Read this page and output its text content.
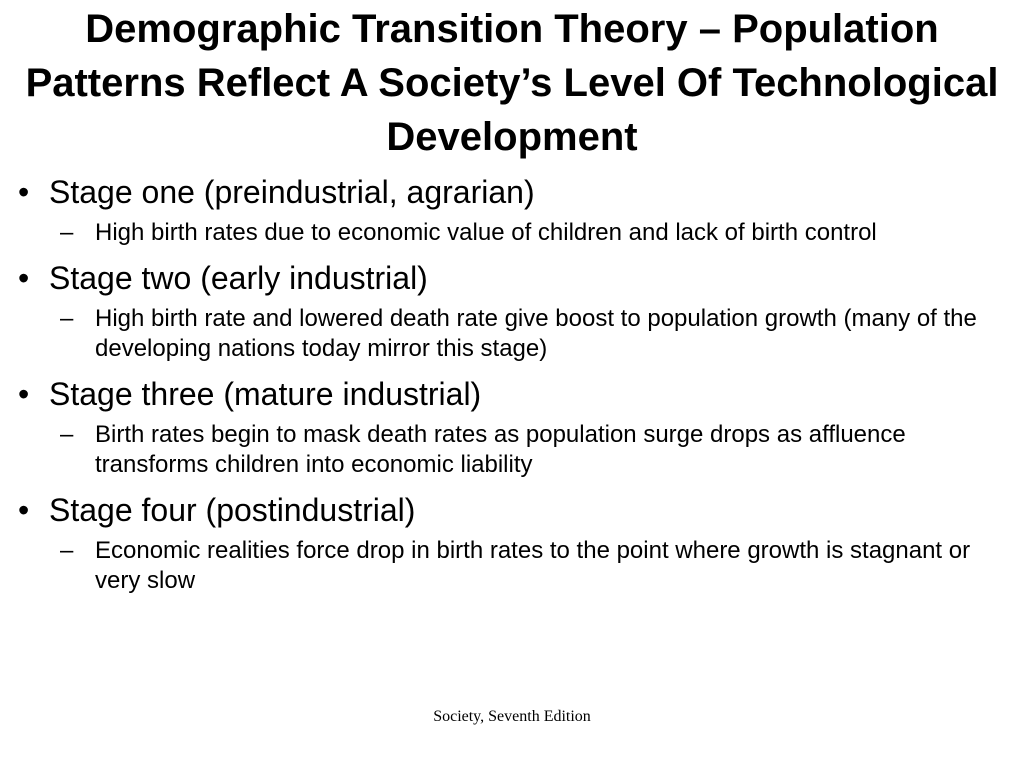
Demographic Transition Theory – Population Patterns Reflect A Society’s Level Of Technological Development
• Stage one (preindustrial, agrarian)
– High birth rates due to economic value of children and lack of birth control
• Stage two (early industrial)
– High birth rate and lowered death rate give boost to population growth (many of the developing nations today mirror this stage)
• Stage three (mature industrial)
– Birth rates begin to mask death rates as population surge drops as affluence transforms children into economic liability
• Stage four (postindustrial)
– Economic realities force drop in birth rates to the point where growth is stagnant or very slow
Society, Seventh Edition
